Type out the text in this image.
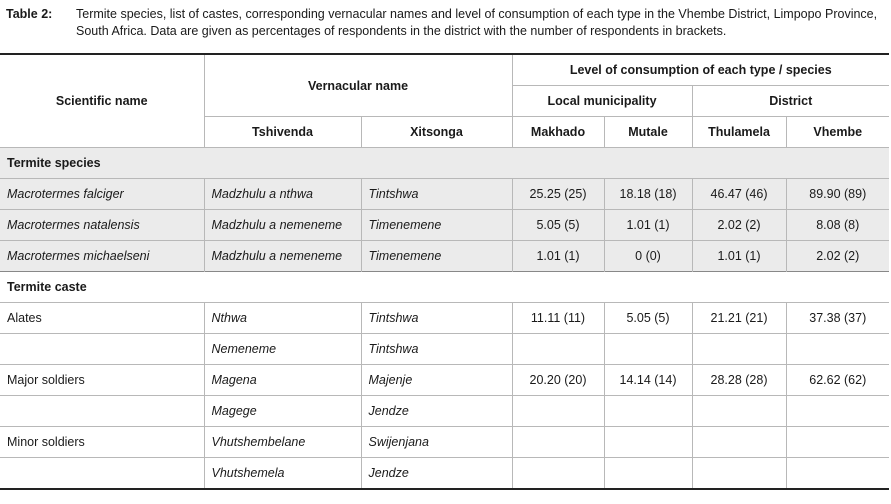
Table 2: Termite species, list of castes, corresponding vernacular names and level of consumption of each type in the Vhembe District, Limpopo Province, South Africa. Data are given as percentages of respondents in the district with the number of respondents in brackets.
Scientific name	Vernacular name		Level of consumption of each type / species			
			Local municipality		District	
	Tshivenda	Xitsonga	Makhado	Mutale	Thulamela	Vhembe
Termite species						
Macrotermes falciger	Madzhulu a nthwa	Tintshwa	25.25 (25)	18.18 (18)	46.47 (46)	89.90 (89)
Macrotermes natalensis	Madzhulu a nemeneme	Timenemene	5.05 (5)	1.01 (1)	2.02 (2)	8.08 (8)
Macrotermes michaelseni	Madzhulu a nemeneme	Timenemene	1.01 (1)	0 (0)	1.01 (1)	2.02 (2)
Termite caste						
Alates	Nthwa	Tintshwa	11.11 (11)	5.05 (5)	21.21 (21)	37.38 (37)
	Nemeneme	Tintshwa				
Major soldiers	Magena	Majenje	20.20 (20)	14.14 (14)	28.28 (28)	62.62 (62)
	Magege	Jendze				
Minor soldiers	Vhutshembelane	Swijenjana				
	Vhutshemela	Jendze				
